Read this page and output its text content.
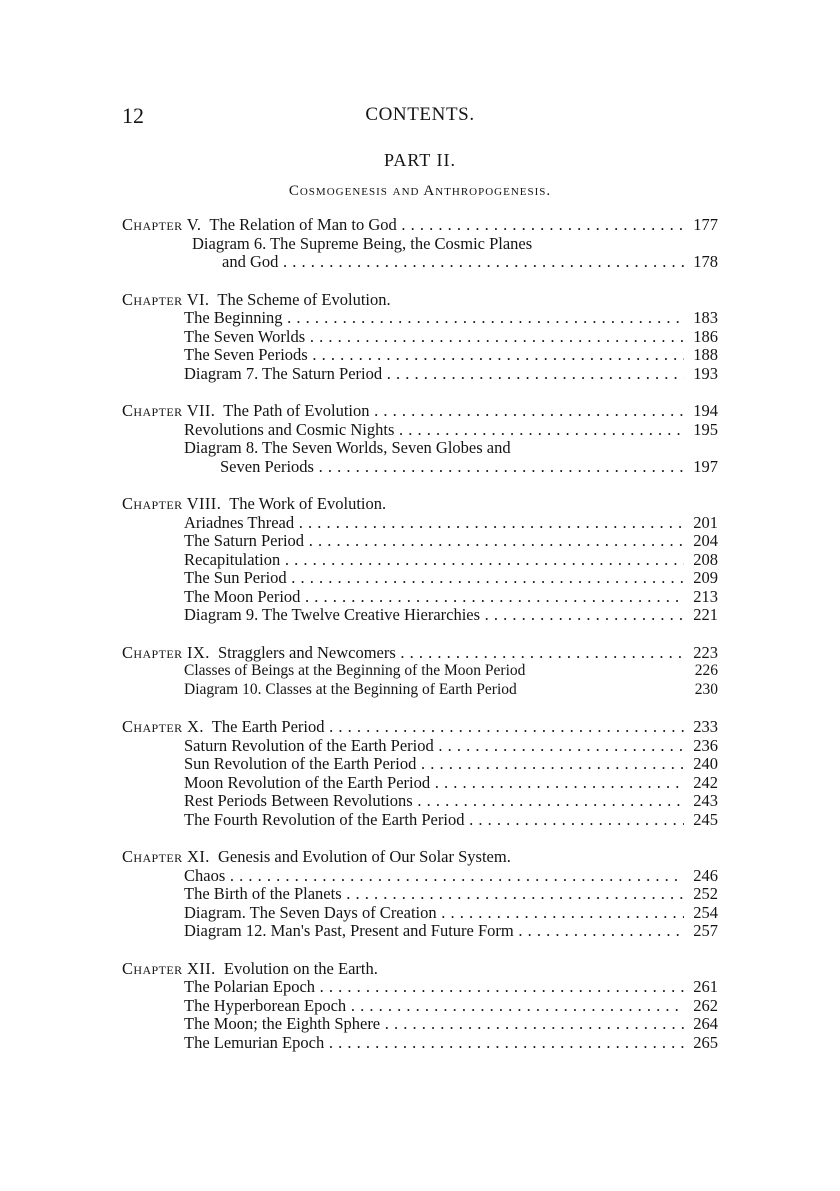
12	CONTENTS.
PART II.
Cosmogenesis and Anthropogenesis.
Chapter V. The Relation of Man to God . . .	177
Diagram 6. The Supreme Being, the Cosmic Planes
and God . . .	178
Chapter VI. The Scheme of Evolution.
The Beginning . . .	183
The Seven Worlds . . .	186
The Seven Periods . . .	188
Diagram 7. The Saturn Period . . .	193
Chapter VII. The Path of Evolution . . .	194
Revolutions and Cosmic Nights . . .	195
Diagram 8. The Seven Worlds, Seven Globes and
Seven Periods . . .	197
Chapter VIII. The Work of Evolution.
Ariadnes Thread . . .	201
The Saturn Period . . .	204
Recapitulation . . .	208
The Sun Period . . .	209
The Moon Period . . .	213
Diagram 9. The Twelve Creative Hierarchies . . .	221
Chapter IX. Stragglers and Newcomers . . .	223
Classes of Beings at the Beginning of the Moon Period	226
Diagram 10. Classes at the Beginning of Earth Period	230
Chapter X. The Earth Period . . .	233
Saturn Revolution of the Earth Period . . .	236
Sun Revolution of the Earth Period . . .	240
Moon Revolution of the Earth Period . . .	242
Rest Periods Between Revolutions . . .	243
The Fourth Revolution of the Earth Period . . .	245
Chapter XI. Genesis and Evolution of Our Solar System.
Chaos . . .	246
The Birth of the Planets . . .	252
Diagram. The Seven Days of Creation . . .	254
Diagram 12. Man's Past, Present and Future Form . . .	257
Chapter XII. Evolution on the Earth.
The Polarian Epoch . . .	261
The Hyperborean Epoch . . .	262
The Moon; the Eighth Sphere . . .	264
The Lemurian Epoch . . .	265
